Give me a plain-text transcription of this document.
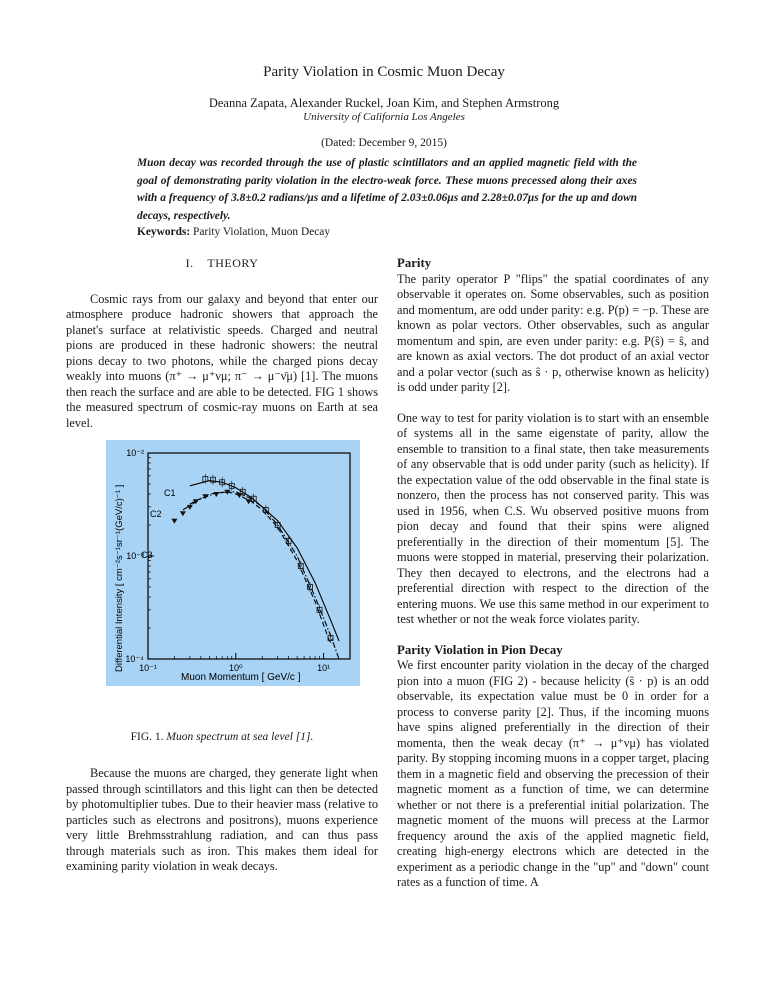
Parity Violation in Cosmic Muon Decay
Deanna Zapata, Alexander Ruckel, Joan Kim, and Stephen Armstrong
University of California Los Angeles
(Dated: December 9, 2015)
Muon decay was recorded through the use of plastic scintillators and an applied magnetic field with the goal of demonstrating parity violation in the electro-weak force. These muons precessed along their axes with a frequency of 3.8±0.2 radians/μs and a lifetime of 2.03±0.06μs and 2.28±0.07μs for the up and down decays, respectively.
Keywords: Parity Violation, Muon Decay
I.    THEORY

Cosmic rays from our galaxy and beyond that enter our atmosphere produce hadronic showers that approach the planet's surface at relativistic speeds. Charged and neutral pions are produced in these hadronic showers: the neutral pions decay to two photons, while the charged pions decay weakly into muons (π⁺ → μ⁺νμ; π⁻ → μ⁻ν̄μ) [1]. The muons then reach the surface and are able to be detected. FIG 1 shows the measured spectrum of cosmic-ray muons on Earth at sea level.

10⁻²
10⁻³
10⁻⁴
10⁻¹	10⁰	10¹
C1
C2
C3
Muon Momentum [ GeV/c ]
Differential Intensity [ cm⁻²s⁻¹sr⁻¹(GeV/c)⁻¹ ]
FIG. 1. Muon spectrum at sea level [1].

Because the muons are charged, they generate light when passed through scintillators and this light can then be detected by photomultiplier tubes. Due to their heavier mass (relative to particles such as electrons and positrons), muons experience very little Brehmsstrahlung radiation, and can thus pass through materials such as iron. This makes them ideal for examining parity violation in weak decays.

Parity

The parity operator P "flips" the spatial coordinates of any observable it operates on. Some observables, such as position and momentum, are odd under parity: e.g. P(p) = −p. These are known as polar vectors. Other observables, such as angular momentum and spin, are even under parity: e.g. P(ŝ) = ŝ, and are known as axial vectors. The dot product of an axial vector and a polar vector (such as ŝ · p, otherwise known as helicity) is odd under parity [2].

One way to test for parity violation is to start with an ensemble of systems all in the same eigenstate of parity, allow the ensemble to transition to a final state, then take measurements of any observable that is odd under parity (such as helicity). If the expectation value of the odd observable in the final state is nonzero, then the process has not conserved parity. This was used in 1956, when C.S. Wu observed positive muons from pion decay and found that their spins were aligned preferentially in the direction of their momentum [5]. The muons were stopped in material, preserving their polarization. They then decayed to electrons, and the electrons had a preferential direction with respect to the direction of the entering muons. We use this same method in our experiment to test whether or not the weak force violates parity.

Parity Violation in Pion Decay

We first encounter parity violation in the decay of the charged pion into a muon (FIG 2) - because helicity (ŝ · p) is an odd observable, its expectation value must be 0 in order for a process to converse parity [2]. Thus, if the incoming muons have spins aligned preferentially in the direction of their momenta, then the weak decay (π⁺ → μ⁺νμ) has violated parity. By stopping incoming muons in a copper target, placing them in a magnetic field and observing the precession of their magnetic moment as a function of time, we can determine whether or not there is a preferential initial polarization. The magnetic moment of the muons will precess at the Larmor frequency around the axis of the applied magnetic field, creating high-energy electrons which are detected in the experiment as a periodic change in the "up" and "down" count rates as a function of time. A
